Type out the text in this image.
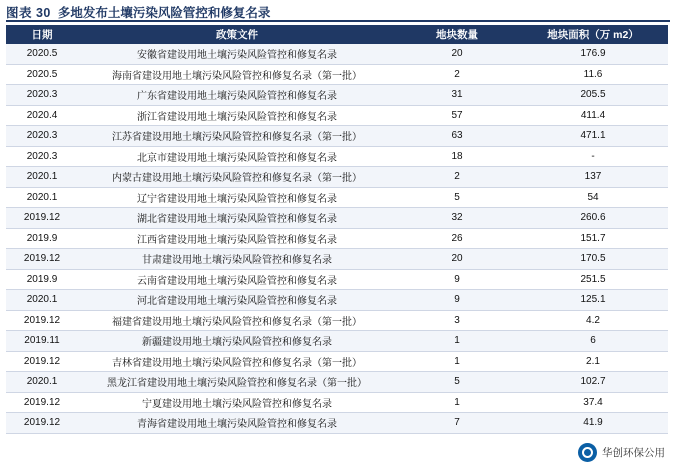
图表 30 多地发布土壤污染风险管控和修复名录
日期	政策文件	地块数量	地块面积（万 m2）
2020.5	安徽省建设用地土壤污染风险管控和修复名录	20	176.9
2020.5	海南省建设用地土壤污染风险管控和修复名录（第一批）	2	11.6
2020.3	广东省建设用地土壤污染风险管控和修复名录	31	205.5
2020.4	浙江省建设用地土壤污染风险管控和修复名录	57	411.4
2020.3	江苏省建设用地土壤污染风险管控和修复名录（第一批）	63	471.1
2020.3	北京市建设用地土壤污染风险管控和修复名录	18	-
2020.1	内蒙古建设用地土壤污染风险管控和修复名录（第一批）	2	137
2020.1	辽宁省建设用地土壤污染风险管控和修复名录	5	54
2019.12	湖北省建设用地土壤污染风险管控和修复名录	32	260.6
2019.9	江西省建设用地土壤污染风险管控和修复名录	26	151.7
2019.12	甘肃建设用地土壤污染风险管控和修复名录	20	170.5
2019.9	云南省建设用地土壤污染风险管控和修复名录	9	251.5
2020.1	河北省建设用地土壤污染风险管控和修复名录	9	125.1
2019.12	福建省建设用地土壤污染风险管控和修复名录（第一批）	3	4.2
2019.11	新疆建设用地土壤污染风险管控和修复名录	1	6
2019.12	吉林省建设用地土壤污染风险管控和修复名录（第一批）	1	2.1
2020.1	黑龙江省建设用地土壤污染风险管控和修复名录（第一批）	5	102.7
2019.12	宁夏建设用地土壤污染风险管控和修复名录	1	37.4
2019.12	青海省建设用地土壤污染风险管控和修复名录	7	41.9
华创环保公用
